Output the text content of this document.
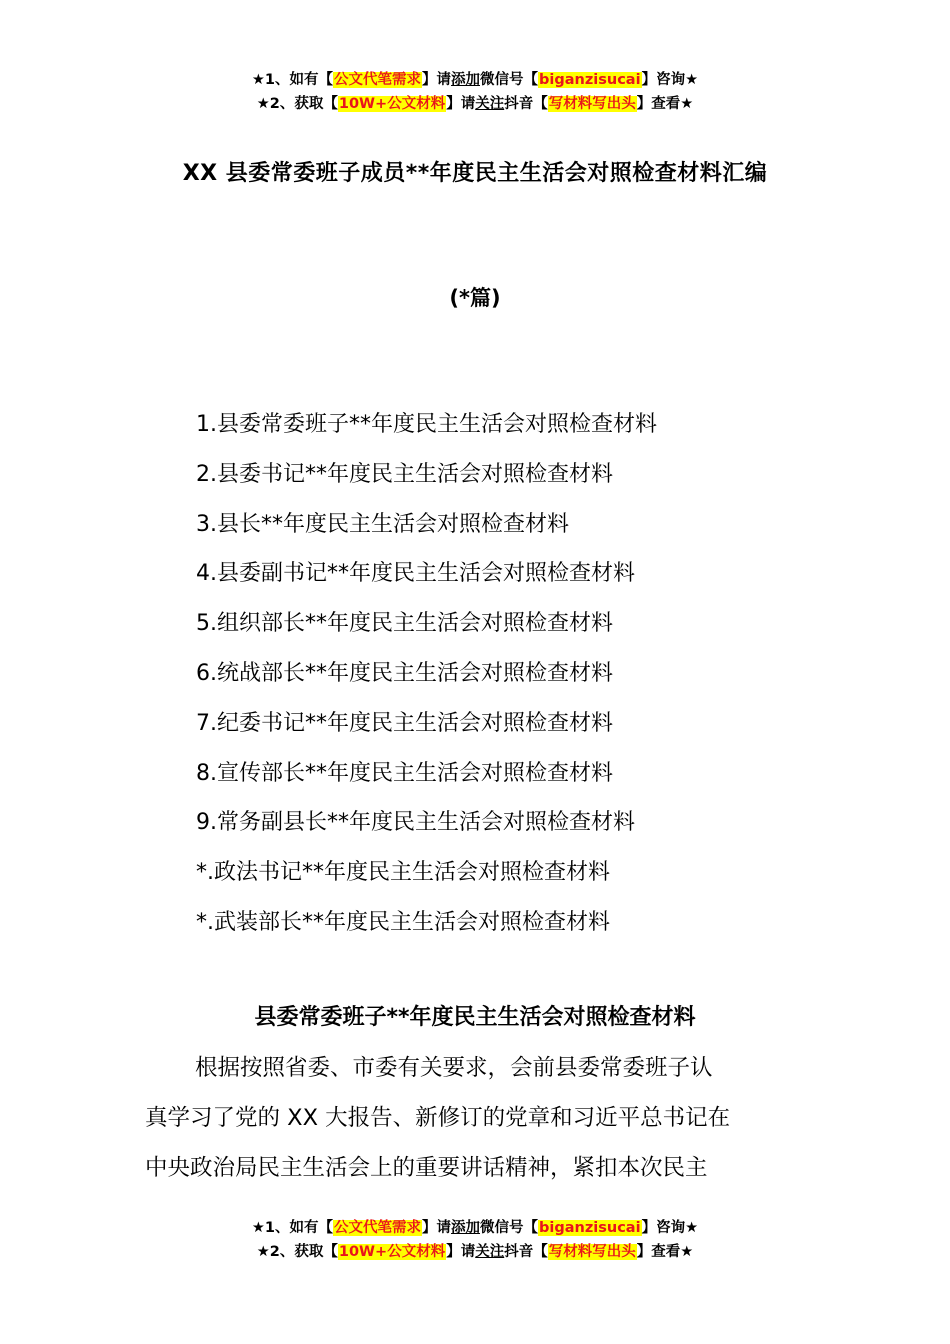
★1、如有【公文代笔需求】请添加微信号【biganzisucai】咨询★
★2、获取【10W+公文材料】请关注抖音【写材料写出头】查看★
XX 县委常委班子成员**年度民主生活会对照检查材料汇编
(*篇)
1.县委常委班子**年度民主生活会对照检查材料
2.县委书记**年度民主生活会对照检查材料
3.县长**年度民主生活会对照检查材料
4.县委副书记**年度民主生活会对照检查材料
5.组织部长**年度民主生活会对照检查材料
6.统战部长**年度民主生活会对照检查材料
7.纪委书记**年度民主生活会对照检查材料
8.宣传部长**年度民主生活会对照检查材料
9.常务副县长**年度民主生活会对照检查材料
*.政法书记**年度民主生活会对照检查材料
*.武装部长**年度民主生活会对照检查材料
县委常委班子**年度民主生活会对照检查材料
根据按照省委、市委有关要求，会前县委常委班子认
真学习了党的 XX 大报告、新修订的党章和习近平总书记在
中央政治局民主生活会上的重要讲话精神，紧扣本次民主
★1、如有【公文代笔需求】请添加微信号【biganzisucai】咨询★
★2、获取【10W+公文材料】请关注抖音【写材料写出头】查看★
